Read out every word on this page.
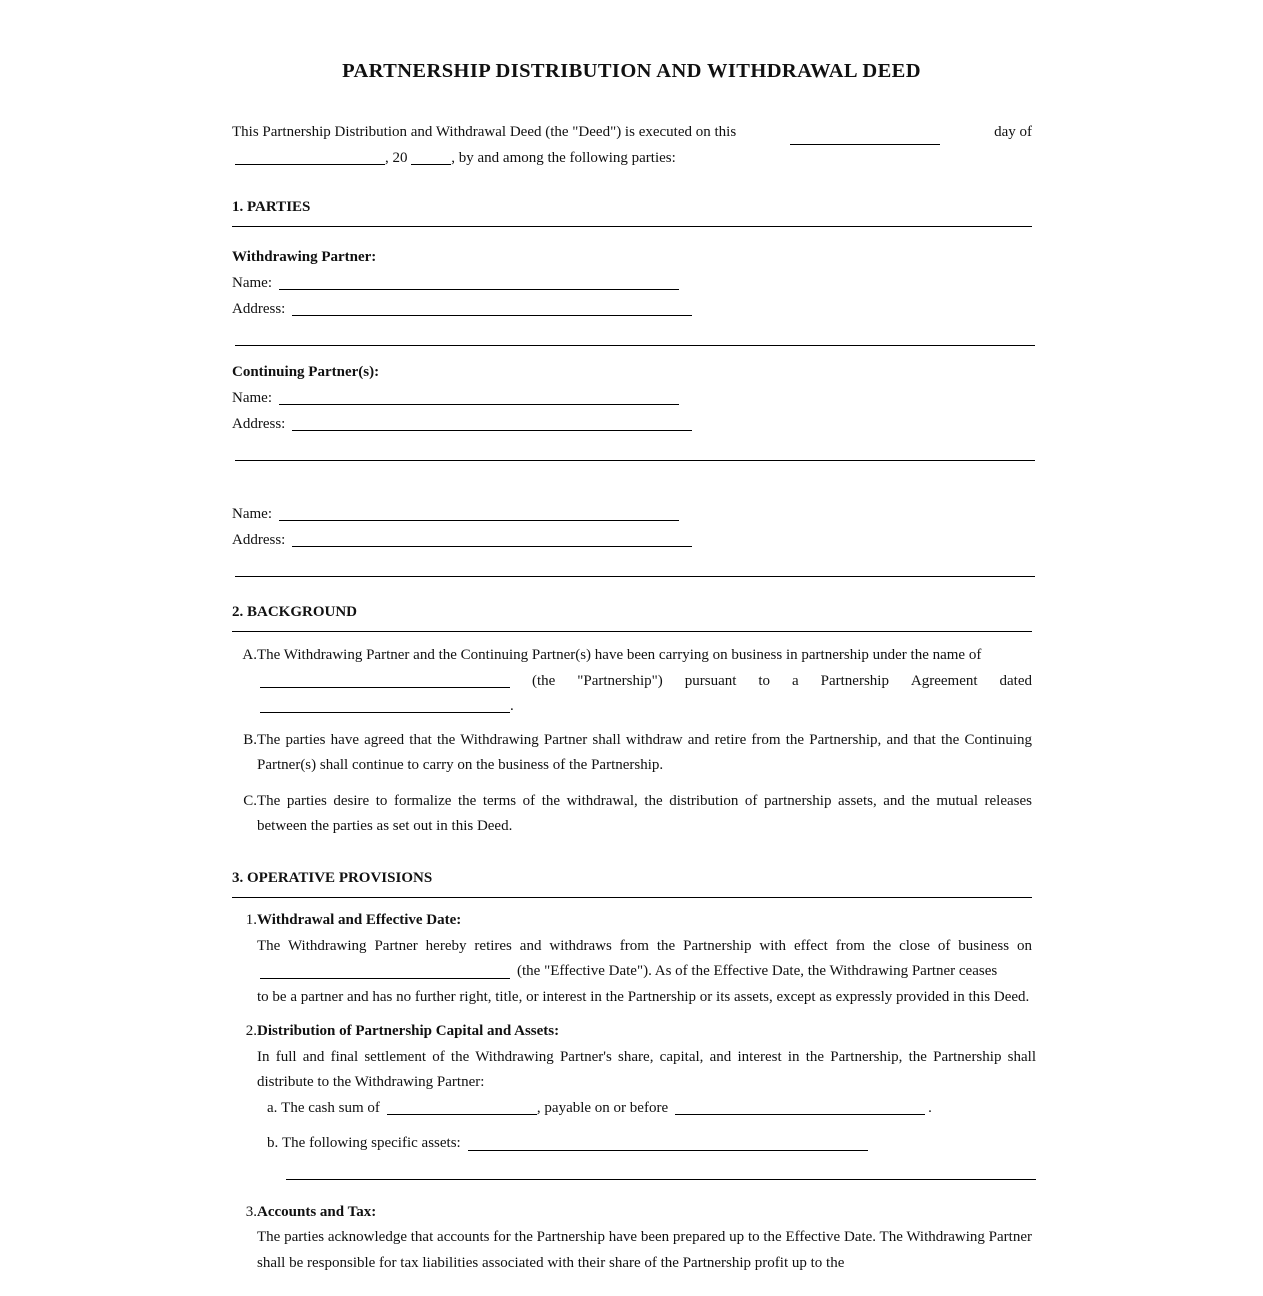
PARTNERSHIP DISTRIBUTION AND WITHDRAWAL DEED
This Partnership Distribution and Withdrawal Deed (the "Deed") is executed on this	day of
, 20	, by and among the following parties:
1. PARTIES
Withdrawing Partner:
Name:
Address:
Continuing Partner(s):
Name:
Address:
Name:
Address:
2. BACKGROUND
A. The Withdrawing Partner and the Continuing Partner(s) have been carrying on business in partnership under the name of
(the "Partnership") pursuant to a Partnership Agreement dated
.
B. The parties have agreed that the Withdrawing Partner shall withdraw and retire from the Partnership, and that the Continuing Partner(s) shall continue to carry on the business of the Partnership.
C. The parties desire to formalize the terms of the withdrawal, the distribution of partnership assets, and the mutual releases between the parties as set out in this Deed.
3. OPERATIVE PROVISIONS
1. Withdrawal and Effective Date:
The Withdrawing Partner hereby retires and withdraws from the Partnership with effect from the close of business on
(the "Effective Date"). As of the Effective Date, the Withdrawing Partner ceases
to be a partner and has no further right, title, or interest in the Partnership or its assets, except as expressly provided in this Deed.
2. Distribution of Partnership Capital and Assets:
In full and final settlement of the Withdrawing Partner's share, capital, and interest in the Partnership, the Partnership shall distribute to the Withdrawing Partner:
a.
The cash sum of	, payable on or before	.
b.
The following specific assets:
3. Accounts and Tax:
The parties acknowledge that accounts for the Partnership have been prepared up to the Effective Date. The Withdrawing Partner shall be responsible for tax liabilities associated with their share of the Partnership profit up to the
